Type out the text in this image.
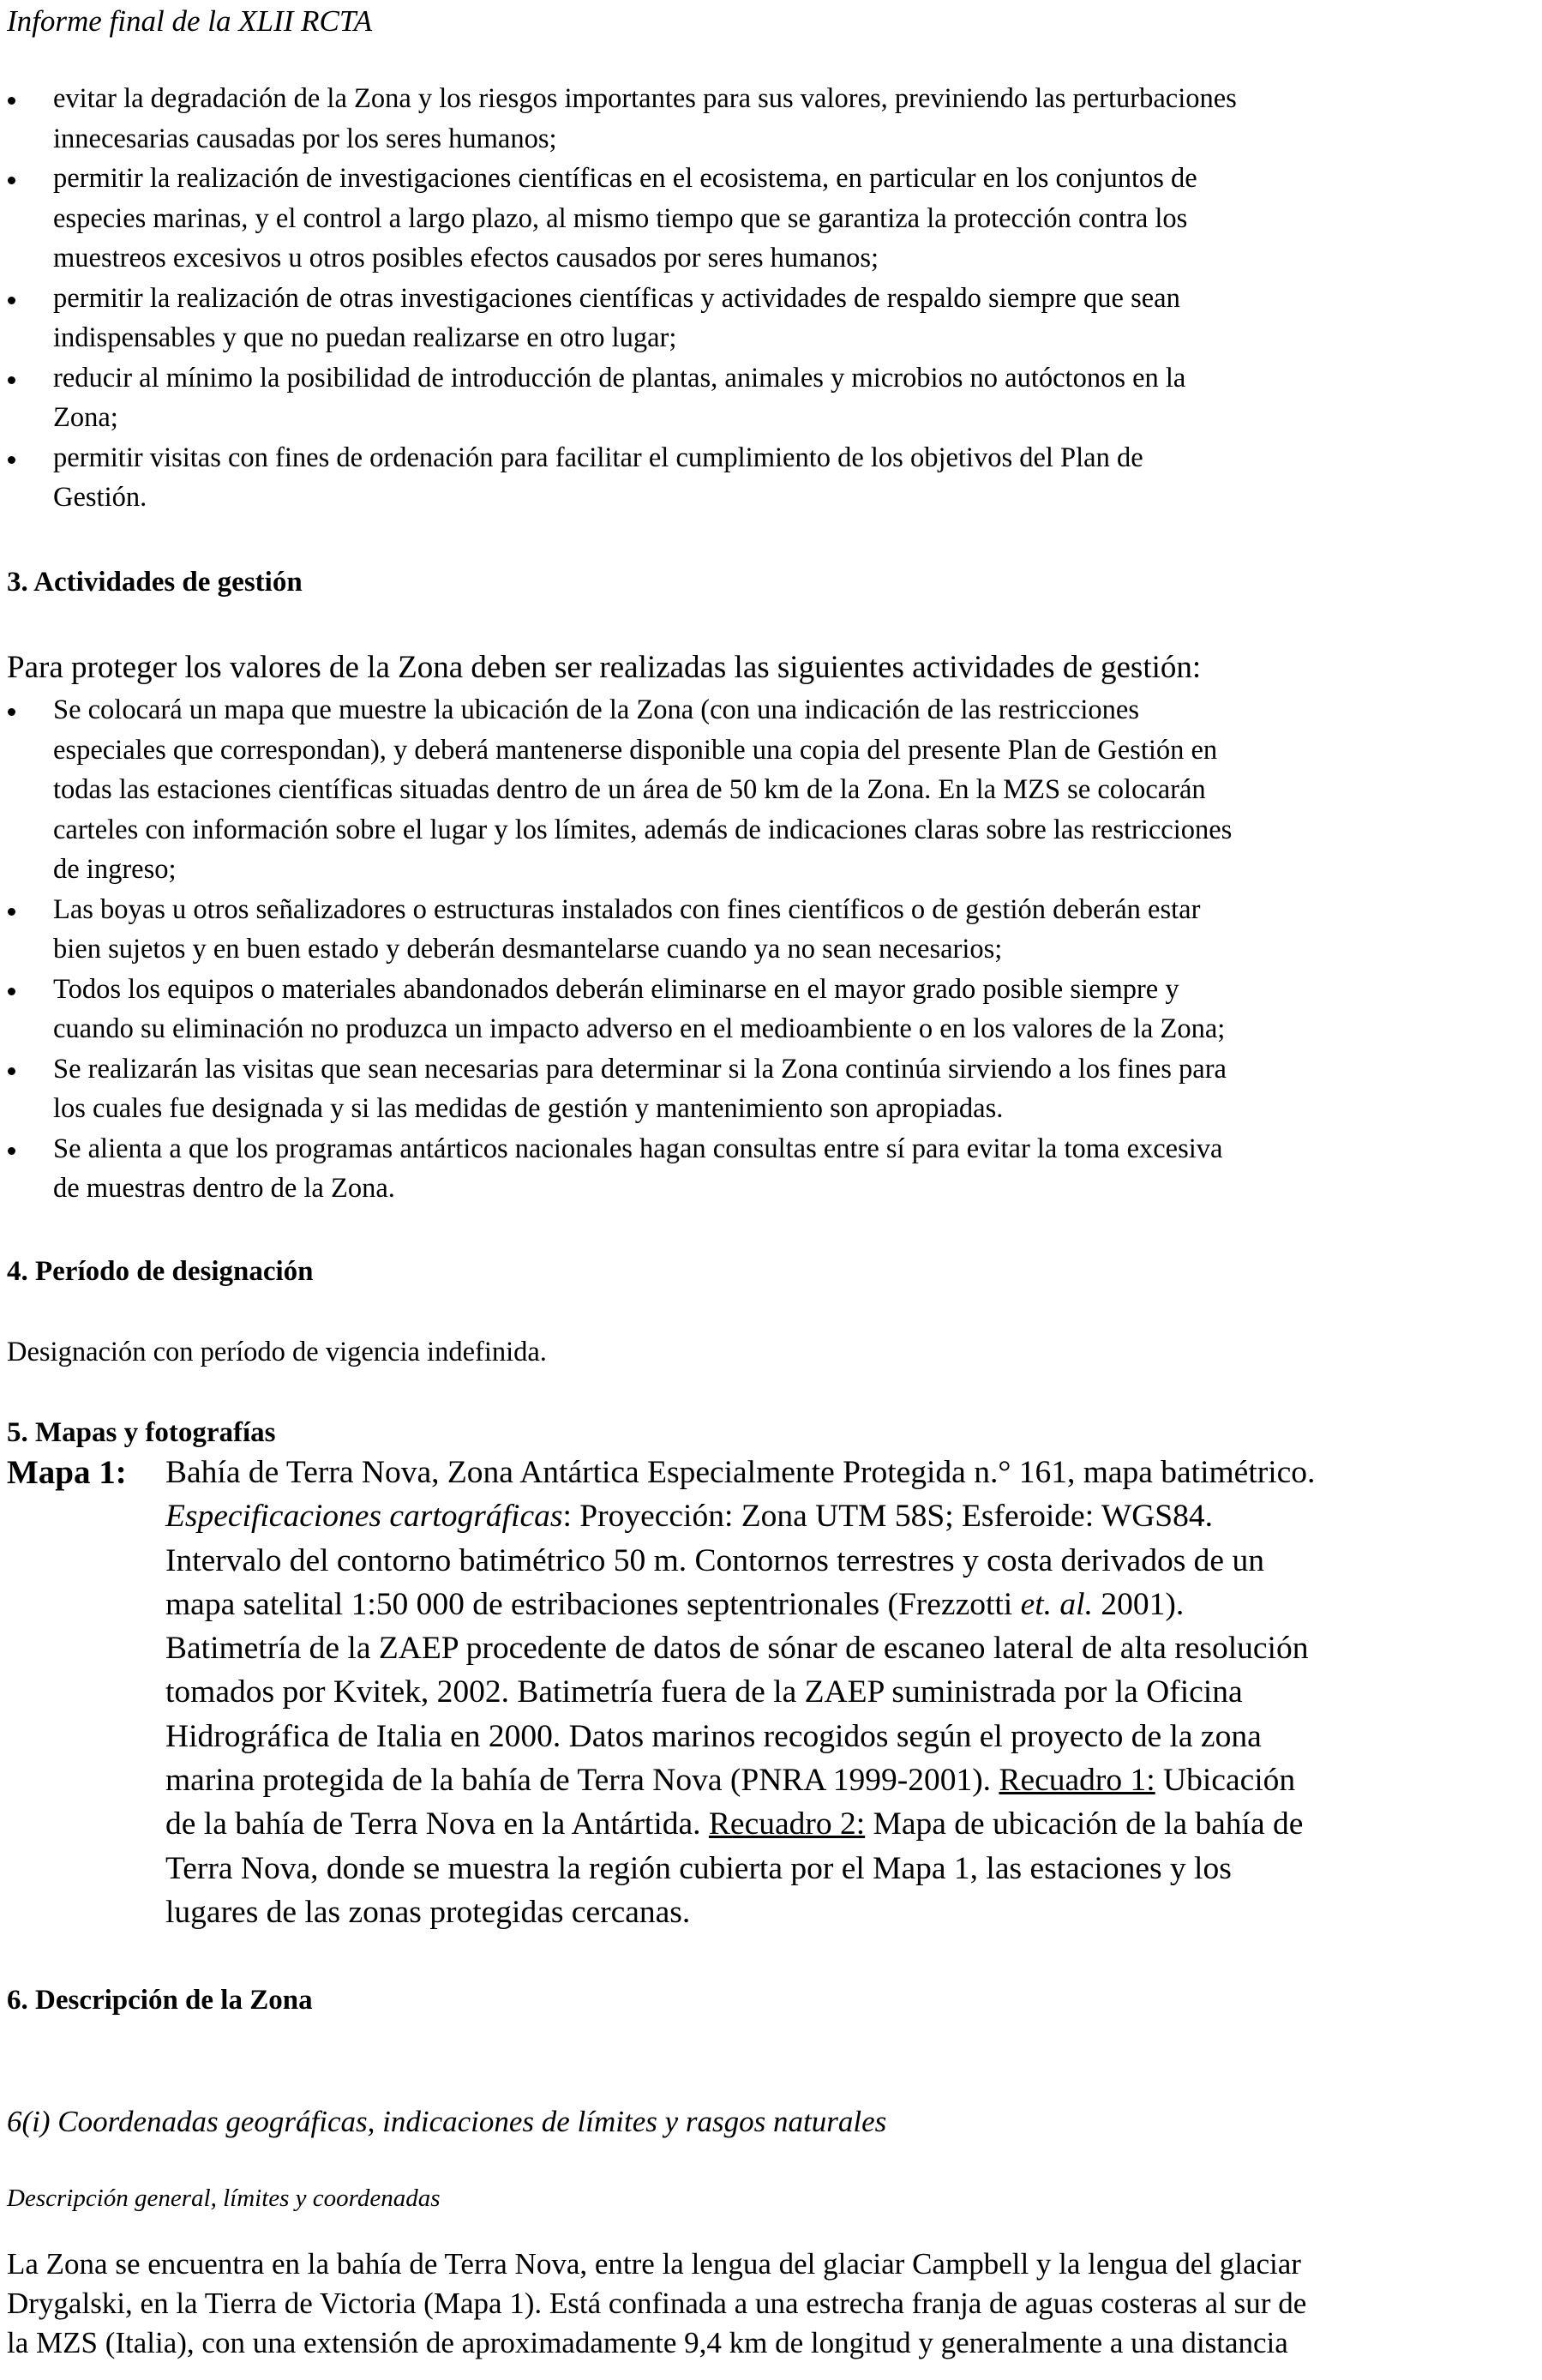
Informe final de la XLII RCTA
evitar la degradación de la Zona y los riesgos importantes para sus valores, previniendo las perturbaciones
innecesarias causadas por los seres humanos;
permitir la realización de investigaciones científicas en el ecosistema, en particular en los conjuntos de
especies marinas, y el control a largo plazo, al mismo tiempo que se garantiza la protección contra los
muestreos excesivos u otros posibles efectos causados por seres humanos;
permitir la realización de otras investigaciones científicas y actividades de respaldo siempre que sean
indispensables y que no puedan realizarse en otro lugar;
reducir al mínimo la posibilidad de introducción de plantas, animales y microbios no autóctonos en la
Zona;
permitir visitas con fines de ordenación para facilitar el cumplimiento de los objetivos del Plan de
Gestión.
3. Actividades de gestión
Para proteger los valores de la Zona deben ser realizadas las siguientes actividades de gestión:
Se colocará un mapa que muestre la ubicación de la Zona (con una indicación de las restricciones
especiales que correspondan), y deberá mantenerse disponible una copia del presente Plan de Gestión en
todas las estaciones científicas situadas dentro de un área de 50 km de la Zona. En la MZS se colocarán
carteles con información sobre el lugar y los límites, además de indicaciones claras sobre las restricciones
de ingreso;
Las boyas u otros señalizadores o estructuras instalados con fines científicos o de gestión deberán estar
bien sujetos y en buen estado y deberán desmantelarse cuando ya no sean necesarios;
Todos los equipos o materiales abandonados deberán eliminarse en el mayor grado posible siempre y
cuando su eliminación no produzca un impacto adverso en el medioambiente o en los valores de la Zona;
Se realizarán las visitas que sean necesarias para determinar si la Zona continúa sirviendo a los fines para
los cuales fue designada y si las medidas de gestión y mantenimiento son apropiadas.
Se alienta a que los programas antárticos nacionales hagan consultas entre sí para evitar la toma excesiva
de muestras dentro de la Zona.
4. Período de designación
Designación con período de vigencia indefinida.
5. Mapas y fotografías
Mapa 1: Bahía de Terra Nova, Zona Antártica Especialmente Protegida n.° 161, mapa batimétrico.
Especificaciones cartográficas: Proyección: Zona UTM 58S; Esferoide: WGS84.
Intervalo del contorno batimétrico 50 m. Contornos terrestres y costa derivados de un
mapa satelital 1:50 000 de estribaciones septentrionales (Frezzotti et. al. 2001).
Batimetría de la ZAEP procedente de datos de sónar de escaneo lateral de alta resolución
tomados por Kvitek, 2002. Batimetría fuera de la ZAEP suministrada por la Oficina
Hidrográfica de Italia en 2000. Datos marinos recogidos según el proyecto de la zona
marina protegida de la bahía de Terra Nova (PNRA 1999-2001). Recuadro 1: Ubicación
de la bahía de Terra Nova en la Antártida. Recuadro 2: Mapa de ubicación de la bahía de
Terra Nova, donde se muestra la región cubierta por el Mapa 1, las estaciones y los
lugares de las zonas protegidas cercanas.
6. Descripción de la Zona
6(i) Coordenadas geográficas, indicaciones de límites y rasgos naturales
Descripción general, límites y coordenadas
La Zona se encuentra en la bahía de Terra Nova, entre la lengua del glaciar Campbell y la lengua del glaciar
Drygalski, en la Tierra de Victoria (Mapa 1). Está confinada a una estrecha franja de aguas costeras al sur de
la MZS (Italia), con una extensión de aproximadamente 9,4 km de longitud y generalmente a una distancia
